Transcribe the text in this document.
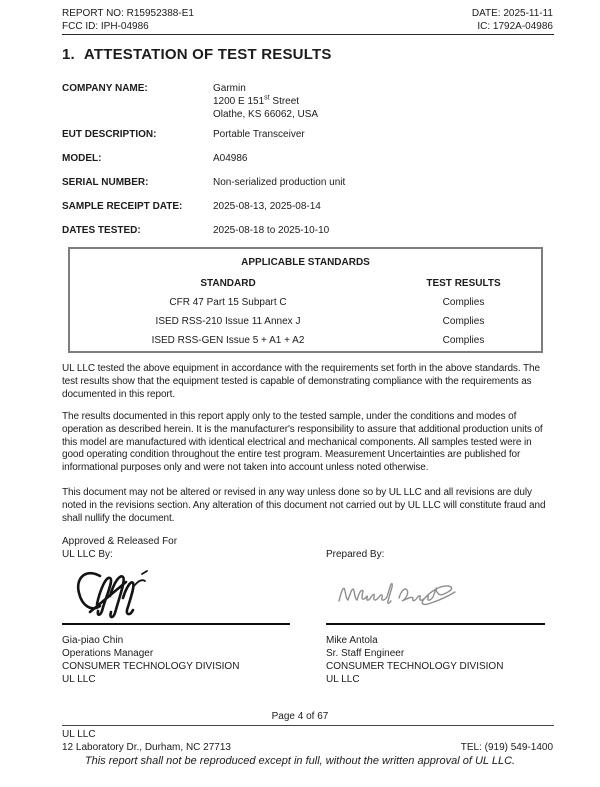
REPORT NO: R15952388-E1
FCC ID: IPH-04986
DATE: 2025-11-11
IC: 1792A-04986
1. ATTESTATION OF TEST RESULTS
COMPANY NAME:	Garmin
1200 E 151st Street
Olathe, KS 66062, USA
EUT DESCRIPTION:	Portable Transceiver
MODEL:	A04986
SERIAL NUMBER:	Non-serialized production unit
SAMPLE RECEIPT DATE:	2025-08-13, 2025-08-14
DATES TESTED:	2025-08-18 to 2025-10-10
APPLICABLE STANDARDS
STANDARD	TEST RESULTS
CFR 47 Part 15 Subpart C	Complies
ISED RSS-210 Issue 11 Annex J	Complies
ISED RSS-GEN Issue 5 + A1 + A2	Complies
UL LLC tested the above equipment in accordance with the requirements set forth in the above standards. The test results show that the equipment tested is capable of demonstrating compliance with the requirements as documented in this report.
The results documented in this report apply only to the tested sample, under the conditions and modes of operation as described herein. It is the manufacturer's responsibility to assure that additional production units of this model are manufactured with identical electrical and mechanical components. All samples tested were in good operating condition throughout the entire test program. Measurement Uncertainties are published for informational purposes only and were not taken into account unless noted otherwise.
This document may not be altered or revised in any way unless done so by UL LLC and all revisions are duly noted in the revisions section. Any alteration of this document not carried out by UL LLC will constitute fraud and shall nullify the document.
Approved & Released For
UL LLC By:	Prepared By:
Gia-piao Chin
Operations Manager
CONSUMER TECHNOLOGY DIVISION
UL LLC
Mike Antola
Sr. Staff Engineer
CONSUMER TECHNOLOGY DIVISION
UL LLC
Page 4 of 67
UL LLC
12 Laboratory Dr., Durham, NC 27713	TEL: (919) 549-1400
This report shall not be reproduced except in full, without the written approval of UL LLC.
